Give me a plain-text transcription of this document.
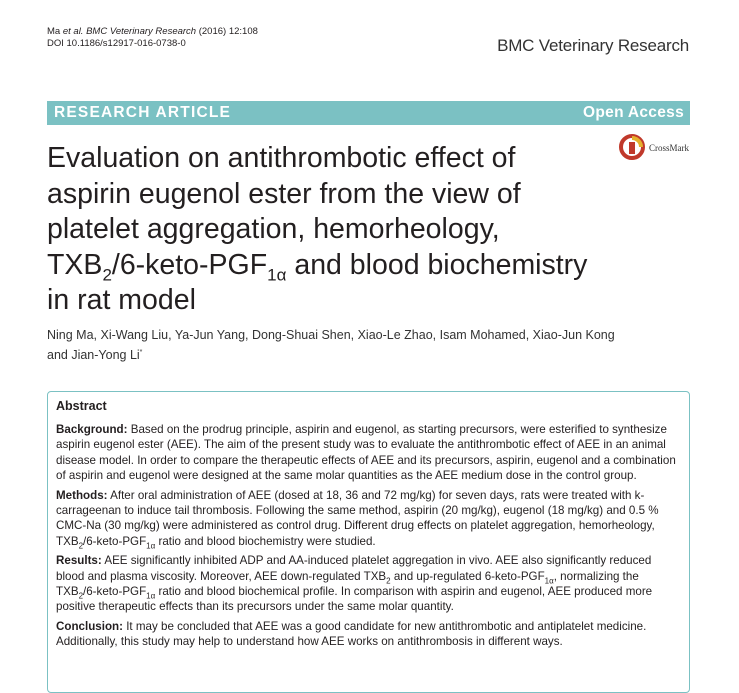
Ma et al. BMC Veterinary Research (2016) 12:108
DOI 10.1186/s12917-016-0738-0	BMC Veterinary Research
RESEARCH ARTICLE	Open Access
CrossMark
Evaluation on antithrombotic effect of
aspirin eugenol ester from the view of
platelet aggregation, hemorheology,
$TXB_2/6-keto-PGF_{1\alpha}$ and blood biochemistry
in rat model
Ning Ma, Xi-Wang Liu, Ya-Jun Yang, Dong-Shuai Shen, Xiao-Le Zhao, Isam Mohamed, Xiao-Jun Kong
and Jian-Yong Li*
Abstract

Background: Based on the prodrug principle, aspirin and eugenol, as starting precursors, were esterified to synthesize aspirin eugenol ester (AEE). The aim of the present study was to evaluate the antithrombotic effect of AEE in an animal disease model. In order to compare the therapeutic effects of AEE and its precursors, aspirin, eugenol and a combination of aspirin and eugenol were designed at the same molar quantities as the AEE medium dose in the control group.

Methods: After oral administration of AEE (dosed at 18, 36 and 72 mg/kg) for seven days, rats were treated with k-carrageenan to induce tail thrombosis. Following the same method, aspirin (20 mg/kg), eugenol (18 mg/kg) and 0.5 % CMC-Na (30 mg/kg) were administered as control drug. Different drug effects on platelet aggregation, hemorheology, $TXB_2/6-keto-PGF_{1\alpha}$ ratio and blood biochemistry were studied.

Results: AEE significantly inhibited ADP and AA-induced platelet aggregation in vivo. AEE also significantly reduced blood and plasma viscosity. Moreover, AEE down-regulated $TXB_2$ and up-regulated $6-keto-PGF_{1\alpha}$, normalizing the $TXB_2/6-keto-PGF_{1\alpha}$ ratio and blood biochemical profile. In comparison with aspirin and eugenol, AEE produced more positive therapeutic effects than its precursors under the same molar quantity.

Conclusion: It may be concluded that AEE was a good candidate for new antithrombotic and antiplatelet medicine. Additionally, this study may help to understand how AEE works on antithrombosis in different ways.
